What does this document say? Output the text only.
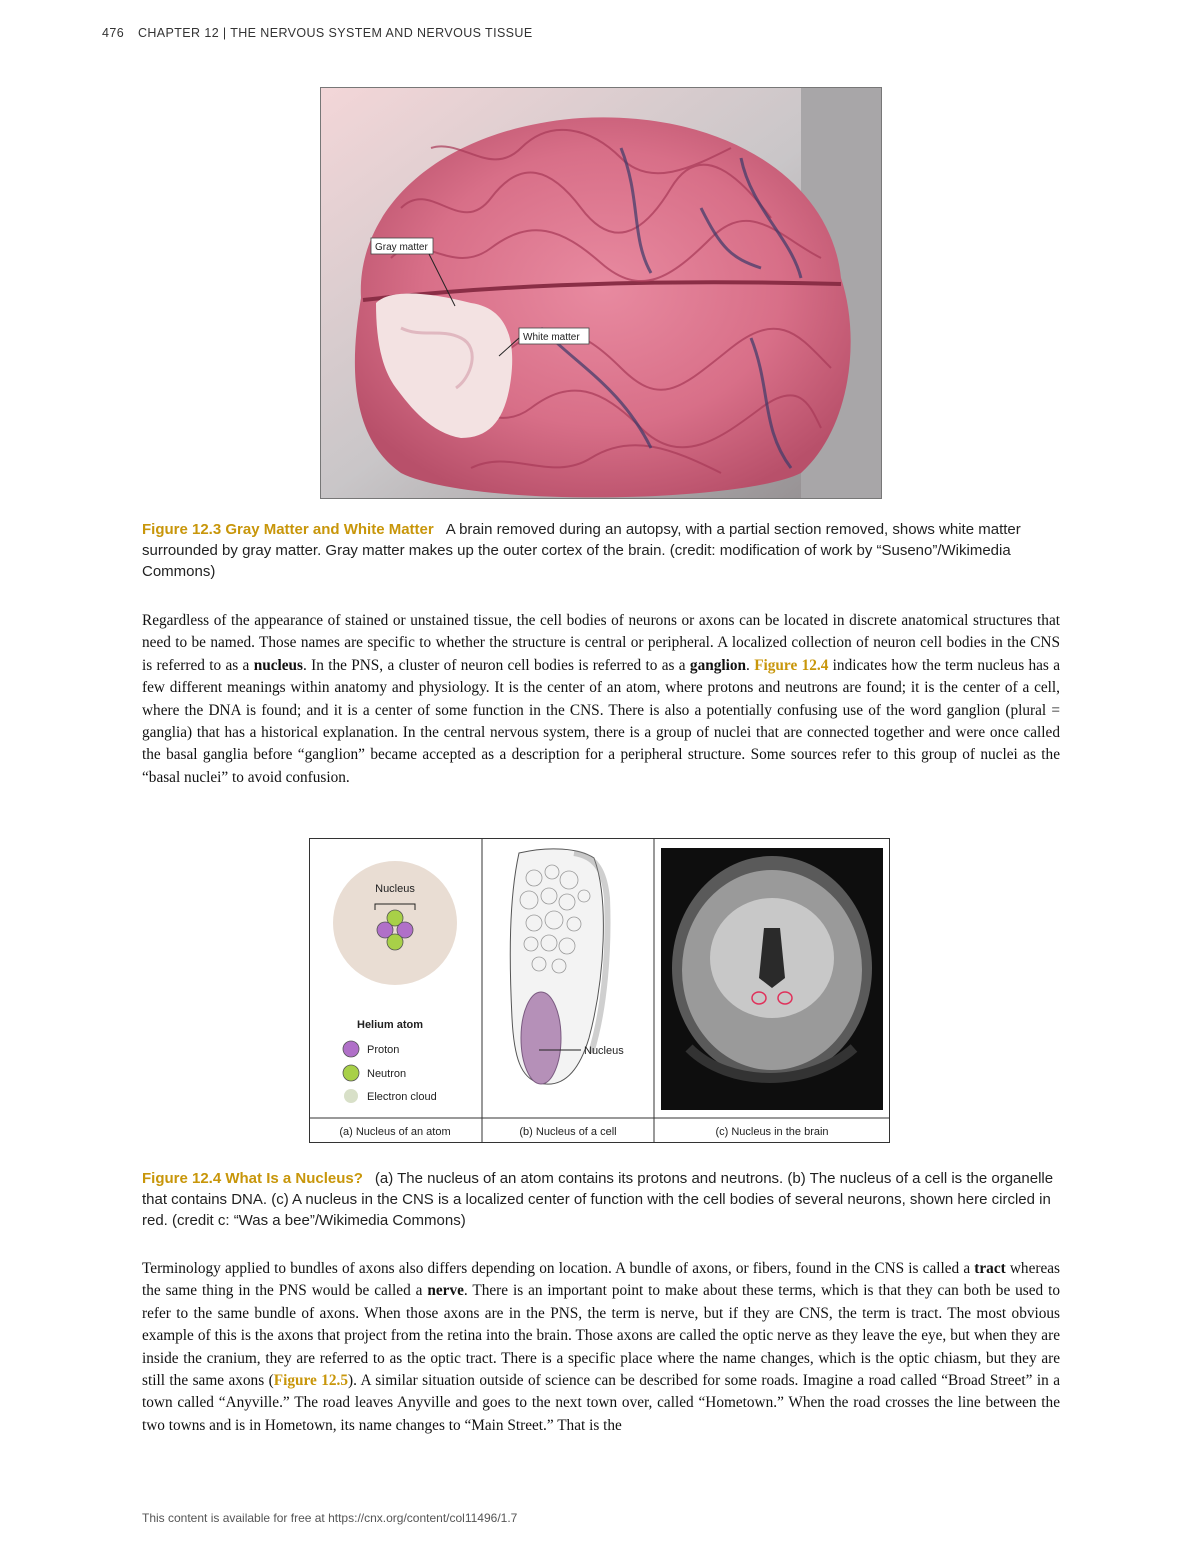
476 CHAPTER 12 | THE NERVOUS SYSTEM AND NERVOUS TISSUE
Gray matter
White matter
Figure 12.3 Gray Matter and White Matter A brain removed during an autopsy, with a partial section removed, shows white matter surrounded by gray matter. Gray matter makes up the outer cortex of the brain. (credit: modification of work by “Suseno”/Wikimedia Commons)
Regardless of the appearance of stained or unstained tissue, the cell bodies of neurons or axons can be located in discrete anatomical structures that need to be named. Those names are specific to whether the structure is central or peripheral. A localized collection of neuron cell bodies in the CNS is referred to as a nucleus. In the PNS, a cluster of neuron cell bodies is referred to as a ganglion. Figure 12.4 indicates how the term nucleus has a few different meanings within anatomy and physiology. It is the center of an atom, where protons and neutrons are found; it is the center of a cell, where the DNA is found; and it is a center of some function in the CNS. There is also a potentially confusing use of the word ganglion (plural = ganglia) that has a historical explanation. In the central nervous system, there is a group of nuclei that are connected together and were once called the basal ganglia before “ganglion” became accepted as a description for a peripheral structure. Some sources refer to this group of nuclei as the “basal nuclei” to avoid confusion.
Nucleus
Helium atom
Proton
Neutron
Electron cloud
(a) Nucleus of an atom
Nucleus
(b) Nucleus of a cell	(c) Nucleus in the brain
Figure 12.4 What Is a Nucleus? (a) The nucleus of an atom contains its protons and neutrons. (b) The nucleus of a cell is the organelle that contains DNA. (c) A nucleus in the CNS is a localized center of function with the cell bodies of several neurons, shown here circled in red. (credit c: “Was a bee”/Wikimedia Commons)
Terminology applied to bundles of axons also differs depending on location. A bundle of axons, or fibers, found in the CNS is called a tract whereas the same thing in the PNS would be called a nerve. There is an important point to make about these terms, which is that they can both be used to refer to the same bundle of axons. When those axons are in the PNS, the term is nerve, but if they are CNS, the term is tract. The most obvious example of this is the axons that project from the retina into the brain. Those axons are called the optic nerve as they leave the eye, but when they are inside the cranium, they are referred to as the optic tract. There is a specific place where the name changes, which is the optic chiasm, but they are still the same axons (Figure 12.5). A similar situation outside of science can be described for some roads. Imagine a road called “Broad Street” in a town called “Anyville.” The road leaves Anyville and goes to the next town over, called “Hometown.” When the road crosses the line between the two towns and is in Hometown, its name changes to “Main Street.” That is the
This content is available for free at https://cnx.org/content/col11496/1.7
